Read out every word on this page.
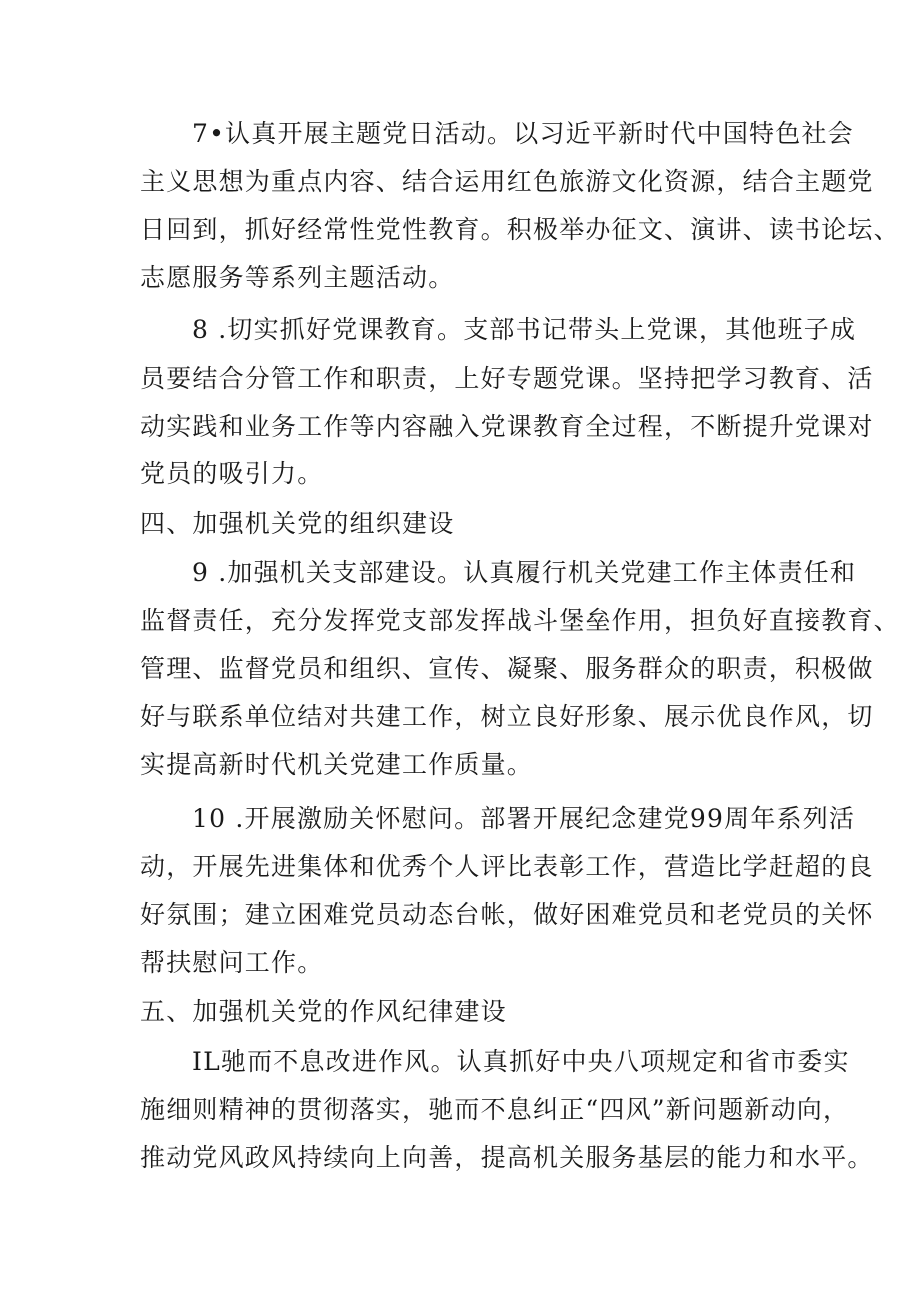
7•认真开展主题党日活动。以习近平新时代中国特色社会
主义思想为重点内容、结合运用红色旅游文化资源，结合主题党
日回到，抓好经常性党性教育。积极举办征文、演讲、读书论坛、
志愿服务等系列主题活动。
8 .切实抓好党课教育。支部书记带头上党课，其他班子成
员要结合分管工作和职责，上好专题党课。坚持把学习教育、活
动实践和业务工作等内容融入党课教育全过程，不断提升党课对
党员的吸引力。
四、加强机关党的组织建设
9 .加强机关支部建设。认真履行机关党建工作主体责任和
监督责任，充分发挥党支部发挥战斗堡垒作用，担负好直接教育、
管理、监督党员和组织、宣传、凝聚、服务群众的职责，积极做
好与联系单位结对共建工作，树立良好形象、展示优良作风，切
实提高新时代机关党建工作质量。
10 .开展激励关怀慰问。部署开展纪念建党99周年系列活
动，开展先进集体和优秀个人评比表彰工作，营造比学赶超的良
好氛围；建立困难党员动态台帐，做好困难党员和老党员的关怀
帮扶慰问工作。
五、加强机关党的作风纪律建设
IL驰而不息改进作风。认真抓好中央八项规定和省市委实
施细则精神的贯彻落实，驰而不息纠正“四风”新问题新动向，
推动党风政风持续向上向善，提高机关服务基层的能力和水平。
